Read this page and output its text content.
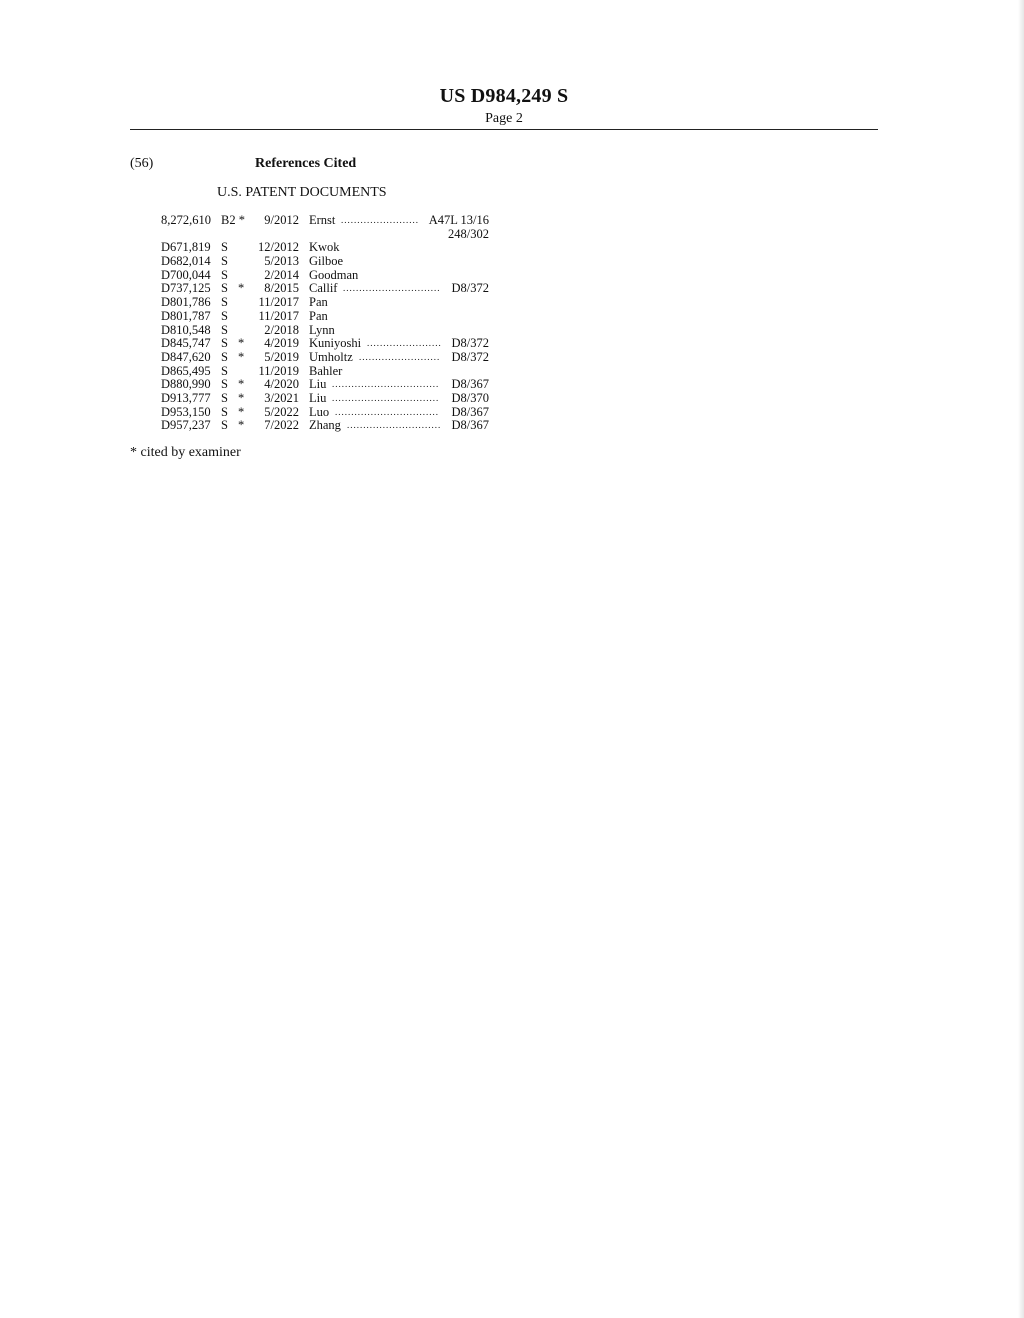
US D984,249 S
Page 2
(56)	References Cited
U.S. PATENT DOCUMENTS
8,272,610 B2 *	9/2012 Ernst ........................ A47L 13/16
248/302
D671,819 S	12/2012 Kwok
D682,014 S	5/2013 Gilboe
D700,044 S	2/2014 Goodman
D737,125 S *	8/2015 Callif .............................. D8/372
D801,786 S	11/2017 Pan
D801,787 S	11/2017 Pan
D810,548 S	2/2018 Lynn
D845,747 S *	4/2019 Kuniyoshi ....................... D8/372
D847,620 S *	5/2019 Umholtz ......................... D8/372
D865,495 S	11/2019 Bahler
D880,990 S *	4/2020 Liu ................................. D8/367
D913,777 S *	3/2021 Liu ................................. D8/370
D953,150 S *	5/2022 Luo ................................	D8/367
D957,237 S *	7/2022 Zhang ............................. D8/367
* cited by examiner
